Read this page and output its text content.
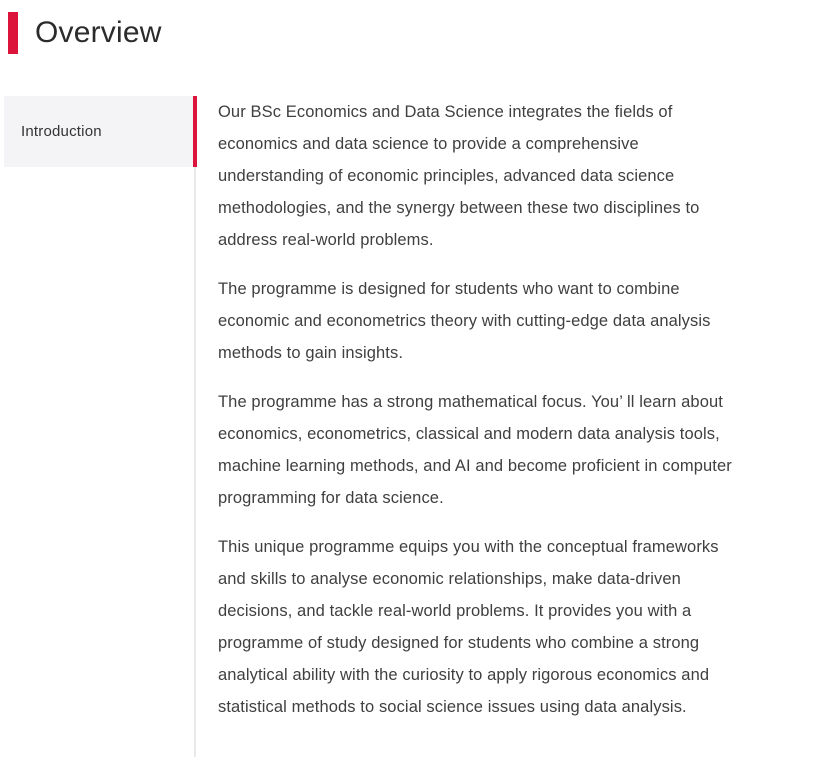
Overview
Introduction

Our BSc Economics and Data Science integrates the fields of economics and data science to provide a comprehensive understanding of economic principles, advanced data science methodologies, and the synergy between these two disciplines to address real-world problems.

The programme is designed for students who want to combine economic and econometrics theory with cutting-edge data analysis methods to gain insights.

The programme has a strong mathematical focus. You’ ll learn about economics, econometrics, classical and modern data analysis tools, machine learning methods, and AI and become proficient in computer programming for data science.

This unique programme equips you with the conceptual frameworks and skills to analyse economic relationships, make data-driven decisions, and tackle real-world problems. It provides you with a programme of study designed for students who combine a strong analytical ability with the curiosity to apply rigorous economics and statistical methods to social science issues using data analysis.
